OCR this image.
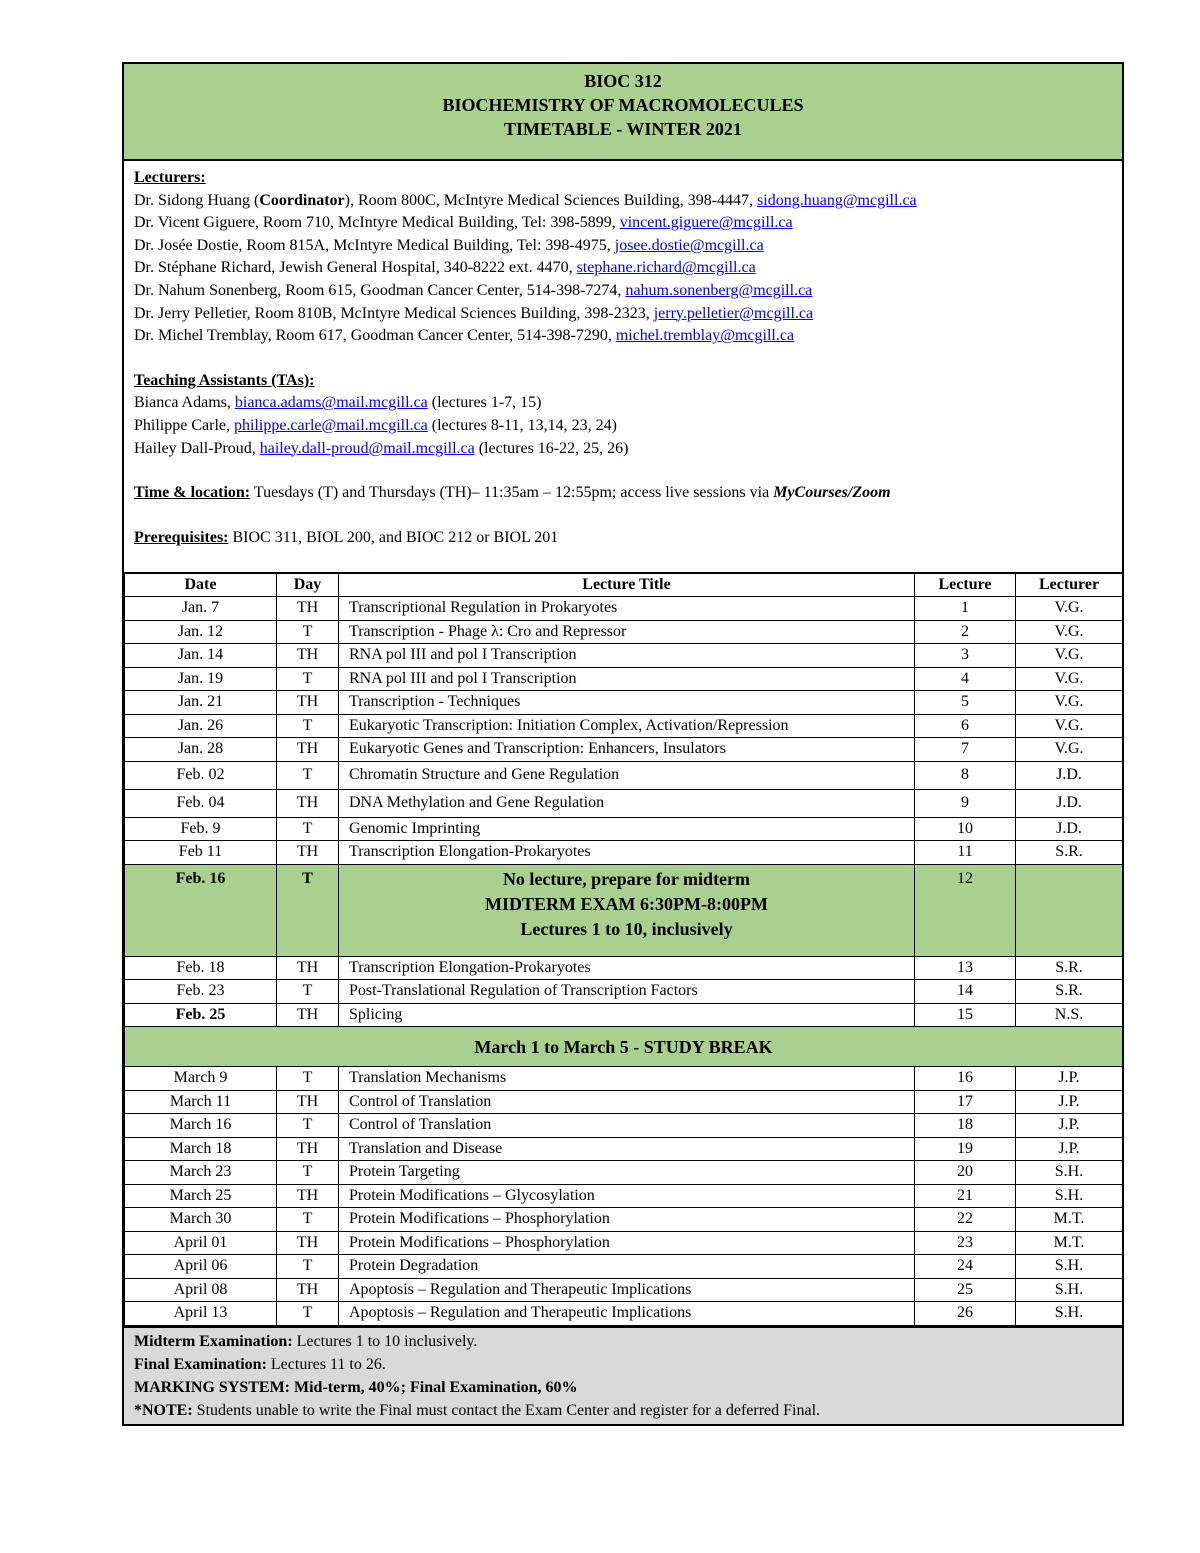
BIOC 312
BIOCHEMISTRY OF MACROMOLECULES
TIMETABLE - WINTER 2021
Lecturers:
Dr. Sidong Huang (Coordinator), Room 800C, McIntyre Medical Sciences Building, 398-4447, sidong.huang@mcgill.ca
Dr. Vicent Giguere, Room 710, McIntyre Medical Building, Tel: 398-5899, vincent.giguere@mcgill.ca
Dr. Josée Dostie, Room 815A, McIntyre Medical Building, Tel: 398-4975, josee.dostie@mcgill.ca
Dr. Stéphane Richard, Jewish General Hospital, 340-8222 ext. 4470, stephane.richard@mcgill.ca
Dr. Nahum Sonenberg, Room 615, Goodman Cancer Center, 514-398-7274, nahum.sonenberg@mcgill.ca
Dr. Jerry Pelletier, Room 810B, McIntyre Medical Sciences Building, 398-2323, jerry.pelletier@mcgill.ca
Dr. Michel Tremblay, Room 617, Goodman Cancer Center, 514-398-7290, michel.tremblay@mcgill.ca
Teaching Assistants (TAs):
Bianca Adams, bianca.adams@mail.mcgill.ca (lectures 1-7, 15)
Philippe Carle, philippe.carle@mail.mcgill.ca (lectures 8-11, 13,14, 23, 24)
Hailey Dall-Proud, hailey.dall-proud@mail.mcgill.ca (lectures 16-22, 25, 26)
Time & location: Tuesdays (T) and Thursdays (TH)– 11:35am – 12:55pm; access live sessions via MyCourses/Zoom
Prerequisites: BIOC 311, BIOL 200, and BIOC 212 or BIOL 201
Date	Day	Lecture Title	Lecture	Lecturer
Jan. 7	TH	Transcriptional Regulation in Prokaryotes	1	V.G.
Jan. 12	T	Transcription - Phage λ: Cro and Repressor	2	V.G.
Jan. 14	TH	RNA pol III and pol I Transcription	3	V.G.
Jan. 19	T	RNA pol III and pol I Transcription	4	V.G.
Jan. 21	TH	Transcription - Techniques	5	V.G.
Jan. 26	T	Eukaryotic Transcription: Initiation Complex, Activation/Repression	6	V.G.
Jan. 28	TH	Eukaryotic Genes and Transcription: Enhancers, Insulators	7	V.G.
Feb. 02	T	Chromatin Structure and Gene Regulation	8	J.D.
Feb. 04	TH	DNA Methylation and Gene Regulation	9	J.D.
Feb. 9	T	Genomic Imprinting	10	J.D.
Feb 11	TH	Transcription Elongation-Prokaryotes	11	S.R.
Feb. 16	T	No lecture, prepare for midterm
MIDTERM EXAM 6:30PM-8:00PM
Lectures 1 to 10, inclusively	12	
Feb. 18	TH	Transcription Elongation-Prokaryotes	13	S.R.
Feb. 23	T	Post-Translational Regulation of Transcription Factors	14	S.R.
Feb. 25	TH	Splicing	15	N.S.
March 1 to March 5 - STUDY BREAK				
March 9	T	Translation Mechanisms	16	J.P.
March 11	TH	Control of Translation	17	J.P.
March 16	T	Control of Translation	18	J.P.
March 18	TH	Translation and Disease	19	J.P.
March 23	T	Protein Targeting	20	S.H.
March 25	TH	Protein Modifications – Glycosylation	21	S.H.
March 30	T	Protein Modifications – Phosphorylation	22	M.T.
April 01	TH	Protein Modifications – Phosphorylation	23	M.T.
April 06	T	Protein Degradation	24	S.H.
April 08	TH	Apoptosis – Regulation and Therapeutic Implications	25	S.H.
April 13	T	Apoptosis – Regulation and Therapeutic Implications	26	S.H.
Midterm Examination: Lectures 1 to 10 inclusively.
Final Examination: Lectures 11 to 26.
MARKING SYSTEM: Mid-term, 40%; Final Examination, 60%
*NOTE: Students unable to write the Final must contact the Exam Center and register for a deferred Final.
